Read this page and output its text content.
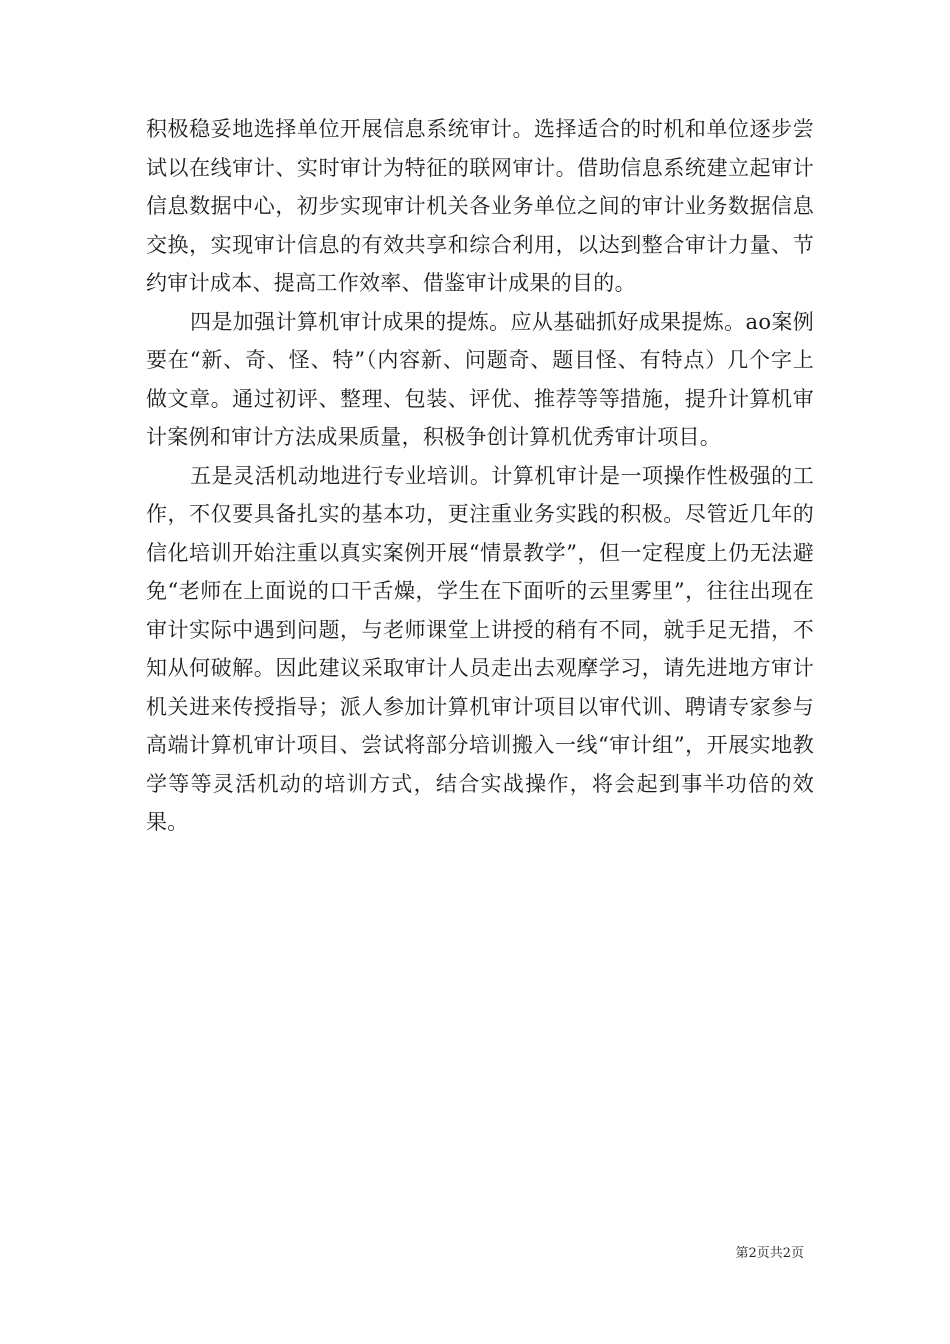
积极稳妥地选择单位开展信息系统审计。选择适合的时机和单位逐步尝试以在线审计、实时审计为特征的联网审计。借助信息系统建立起审计信息数据中心，初步实现审计机关各业务单位之间的审计业务数据信息交换，实现审计信息的有效共享和综合利用，以达到整合审计力量、节约审计成本、提高工作效率、借鉴审计成果的目的。

四是加强计算机审计成果的提炼。应从基础抓好成果提炼。ao案例要在“新、奇、怪、特”（内容新、问题奇、题目怪、有特点）几个字上做文章。通过初评、整理、包装、评优、推荐等等措施，提升计算机审计案例和审计方法成果质量，积极争创计算机优秀审计项目。

五是灵活机动地进行专业培训。计算机审计是一项操作性极强的工作，不仅要具备扎实的基本功，更注重业务实践的积极。尽管近几年的信化培训开始注重以真实案例开展“情景教学”，但一定程度上仍无法避免“老师在上面说的口干舌燥，学生在下面听的云里雾里”，往往出现在审计实际中遇到问题，与老师课堂上讲授的稍有不同，就手足无措，不知从何破解。因此建议采取审计人员走出去观摩学习，请先进地方审计机关进来传授指导；派人参加计算机审计项目以审代训、聘请专家参与高端计算机审计项目、尝试将部分培训搬入一线“审计组”，开展实地教学等等灵活机动的培训方式，结合实战操作，将会起到事半功倍的效果。

第2页共2页
